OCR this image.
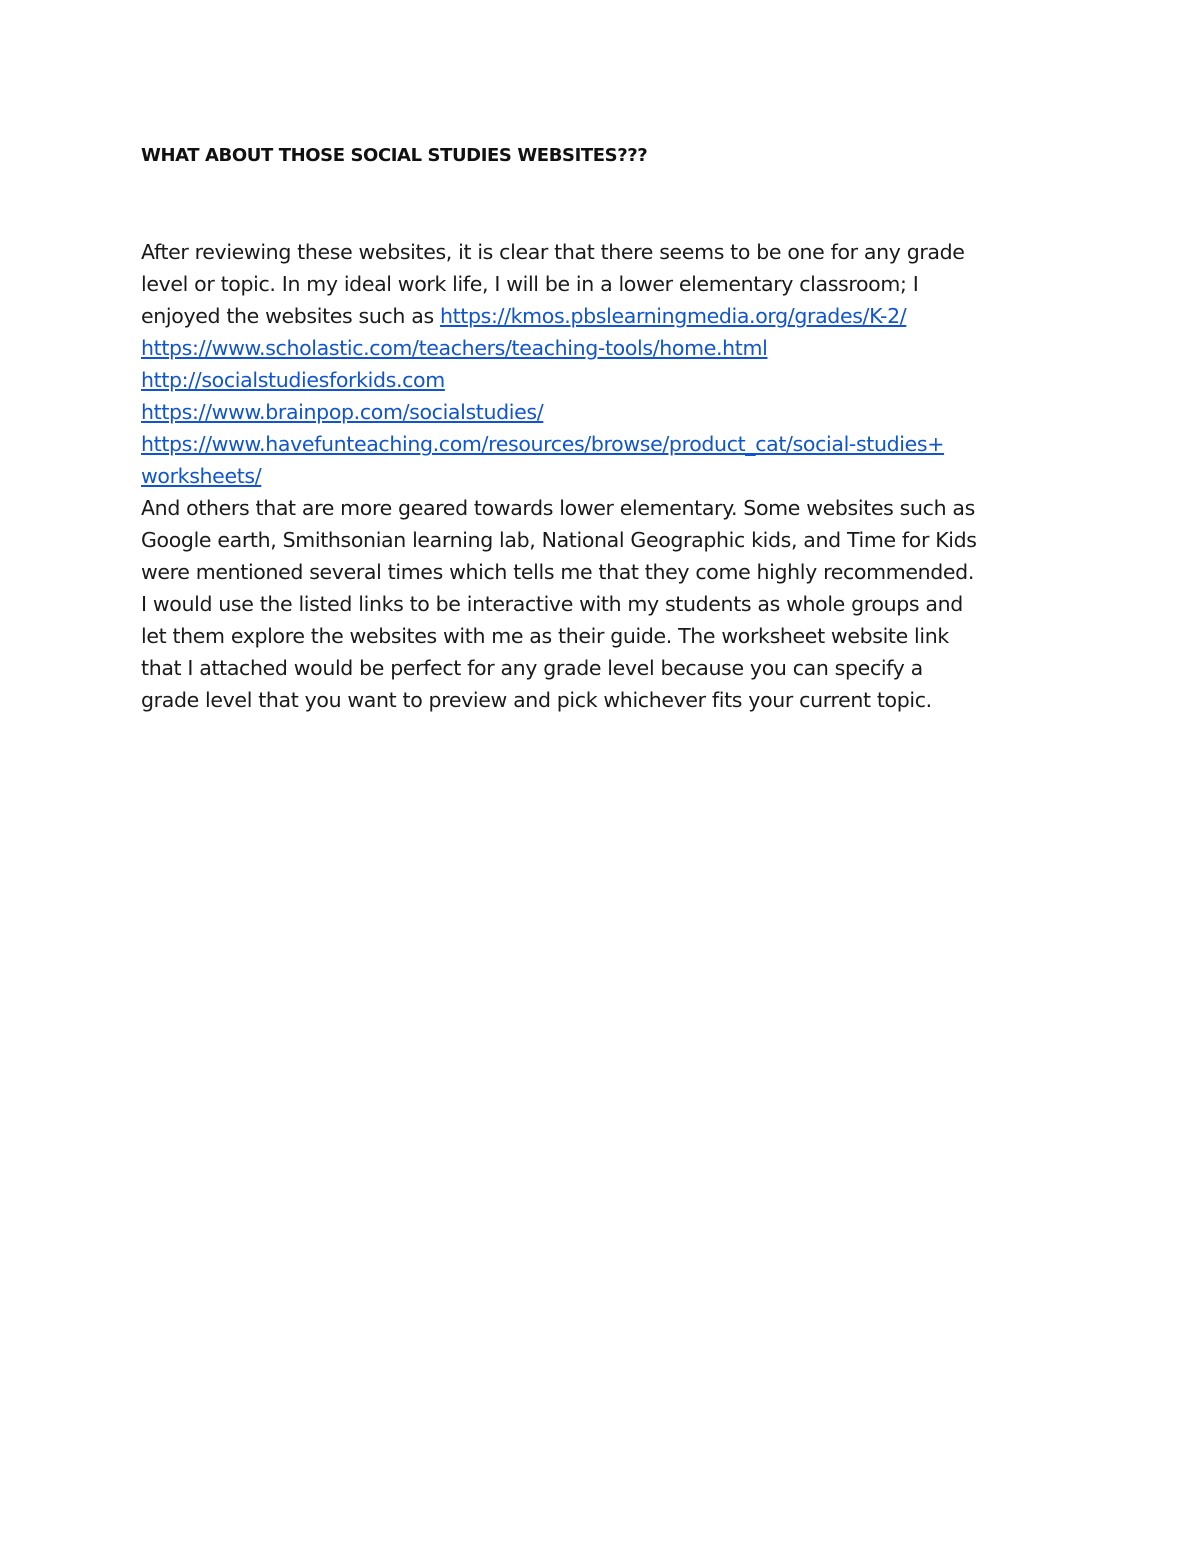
WHAT ABOUT THOSE SOCIAL STUDIES WEBSITES???

After reviewing these websites, it is clear that there seems to be one for any grade
level or topic. In my ideal work life, I will be in a lower elementary classroom; I
enjoyed the websites such as https://kmos.pbslearningmedia.org/grades/K-2/
https://www.scholastic.com/teachers/teaching-tools/home.html
http://socialstudiesforkids.com
https://www.brainpop.com/socialstudies/
https://www.havefunteaching.com/resources/browse/product_cat/social-studies+
worksheets/
And others that are more geared towards lower elementary. Some websites such as
Google earth, Smithsonian learning lab, National Geographic kids, and Time for Kids
were mentioned several times which tells me that they come highly recommended.
I would use the listed links to be interactive with my students as whole groups and
let them explore the websites with me as their guide. The worksheet website link
that I attached would be perfect for any grade level because you can specify a
grade level that you want to preview and pick whichever fits your current topic.
